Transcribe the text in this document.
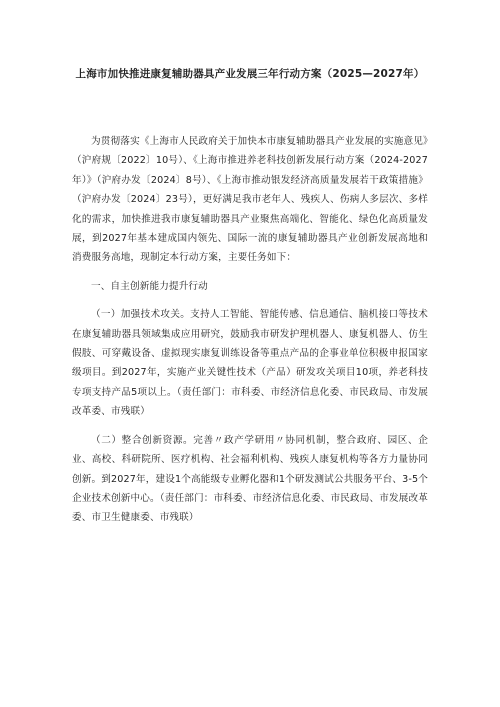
上海市加快推进康复辅助器具产业发展三年行动方案（2025—2027年）

为贯彻落实《上海市人民政府关于加快本市康复辅助器具产业发展的实施意见》（沪府规〔2022〕10号）、《上海市推进养老科技创新发展行动方案（2024-2027年）》（沪府办发〔2024〕8号）、《上海市推动银发经济高质量发展若干政策措施》（沪府办发〔2024〕23号），更好满足我市老年人、残疾人、伤病人多层次、多样化的需求，加快推进我市康复辅助器具产业聚焦高端化、智能化、绿色化高质量发展，到2027年基本建成国内领先、国际一流的康复辅助器具产业创新发展高地和消费服务高地，现制定本行动方案，主要任务如下：

一、自主创新能力提升行动

（一）加强技术攻关。支持人工智能、智能传感、信息通信、脑机接口等技术在康复辅助器具领域集成应用研究，鼓励我市研发护理机器人、康复机器人、仿生假肢、可穿戴设备、虚拟现实康复训练设备等重点产品的企事业单位积极申报国家级项目。到2027年，实施产业关键性技术（产品）研发攻关项目10项，养老科技专项支持产品5项以上。（责任部门：市科委、市经济信息化委、市民政局、市发展改革委、市残联）

（二）整合创新资源。完善〃政产学研用〃协同机制，整合政府、园区、企业、高校、科研院所、医疗机构、社会福利机构、残疾人康复机构等各方力量协同创新。到2027年，建设1个高能级专业孵化器和1个研发测试公共服务平台、3-5个企业技术创新中心。（责任部门：市科委、市经济信息化委、市民政局、市发展改革委、市卫生健康委、市残联）
